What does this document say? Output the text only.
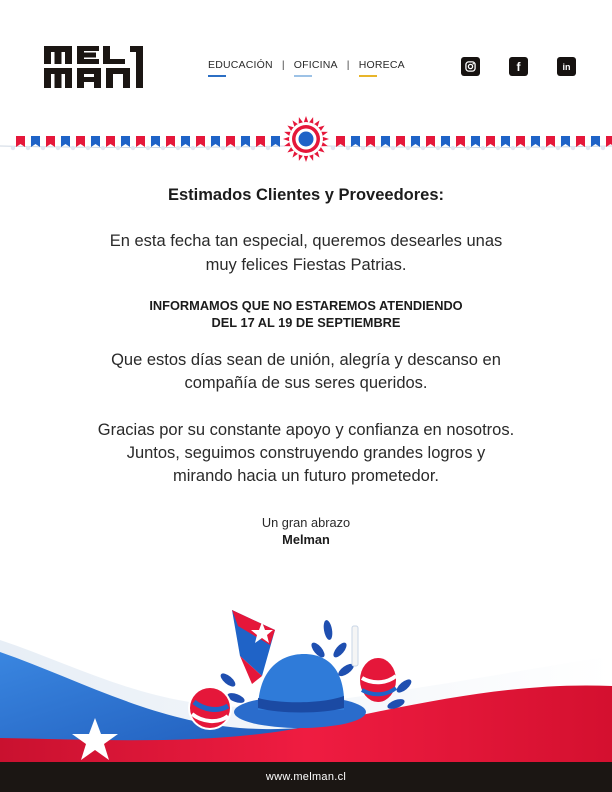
EDUCACIÓN | OFICINA | HORECA	f	in
Estimados Clientes y Proveedores:
En esta fecha tan especial, queremos desearles unas
muy felices Fiestas Patrias.
INFORMAMOS QUE NO ESTAREMOS ATENDIENDO
DEL 17 AL 19 DE SEPTIEMBRE
Que estos días sean de unión, alegría y descanso en
compañía de sus seres queridos.
Gracias por su constante apoyo y confianza en nosotros.
Juntos, seguimos construyendo grandes logros y
mirando hacia un futuro prometedor.
Un gran abrazo
Melman
www.melman.cl
